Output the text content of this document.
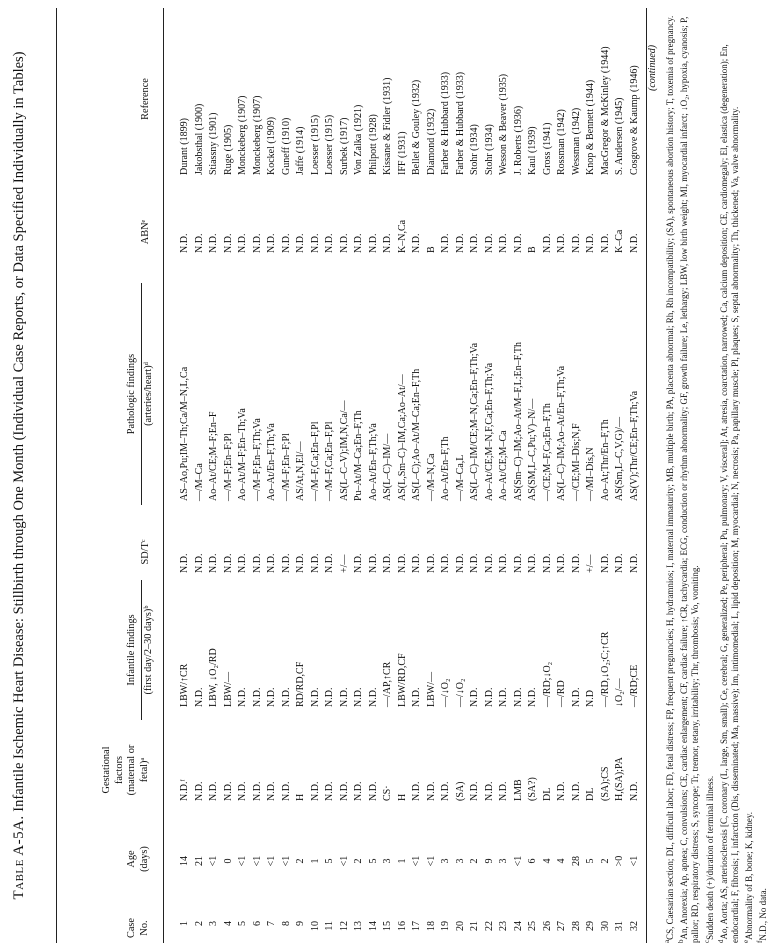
Table A-5A. Infantile Ischemic Heart Disease: Stillbirth through One Month (Individual Case Reports, or Data Specified Individually in Tables)
Case No.
Age (days)
Gestational factors (maternal or fetal)ᵃ
Infantile findings (first day/2–30 days)ᵇ
SD/Tᶜ
Pathologic findings (arteries/heart)ᵈ
ABNᵉ
Reference
1
14
N.D.ᶠ
LBW/↑CR
N.D.
AS–Ao,Pu;IM–Th;Ca/M–N,L,Ca
N.D.
Durant (1899)
2
21
N.D.
N.D.
N.D.
—/M–Ca
N.D.
Jakobsthal (1900)
3
<1
N.D.
LBW, ↓O₂/RD
N.D.
Ao–At/CE;M–F;En–F
N.D.
Stiassny (1901)
4
0
N.D.
LBW/—
N.D.
—/M–F;En–F;Pl
N.D.
Ruge (1905)
5
<1
N.D.
N.D.
N.D.
Ao–At/M–F;En–Th;Va
N.D.
Monckeberg (1907)
6
<1
N.D.
N.D.
N.D.
—/M–F;En–F,Th;Va
N.D.
Monckeberg (1907)
7
<1
N.D.
N.D.
N.D.
Ao–At/En–F,Th;Va
N.D.
Kockel (1909)
8
<1
N.D.
N.D.
N.D.
—/M–F;En–F;Pl
N.D.
Guneff (1910)
9
2
H
RD/RD,CF
N.D.
AS/At,N,El/—
N.D.
Jaffe (1914)
10
1
N.D.
N.D.
N.D.
—/M–F,Ca;En–F,Pl
N.D.
Loesser (1915)
11
5
N.D.
N.D.
N.D.
—/M–F,Ca;En–F,Pl
N.D.
Loesser (1915)
12
<1
N.D.
N.D.
+/—
AS(L–C–V);IM,N,Ca/—
N.D.
Surbek (1917)
13
2
N.D.
N.D.
N.D.
Pu–At/M–Ca;En–F,Th
N.D.
Von Zalka (1921)
14
5
N.D.
N.D.
N.D.
Ao–At/En–F,Th;Va
N.D.
Philpott (1928)
15
3
CS·
—/AP,↑CR
N.D.
AS(L–C)–IM/—
N.D.
Kissane & Fidler (1931)
16
1
H
LBW/RD,CF
N.D.
AS(L,Sm–C)–IM,Ca;Ao–At/—
K–N,Ca
IFF (1931)
17
<1
N.D.
N.D.
N.D.
AS(L–C);Ao–At/M–Ca;En–F,Th
N.D.
Bellet & Gouley (1932)
18
<1
N.D.
LBW/—
N.D.
—/M–N,Ca
B
Diamond (1932)
19
3
N.D.
—/↓O₂
N.D.
Ao–At/En–F,Th
N.D.
Farber & Hubbard (1933)
20
3
(SA)
—/↓O₂
N.D.
—/M–Ca,L
N.D.
Farber & Hubbard (1933)
21
2
N.D.
N.D.
N.D.
AS(L–C)–IM/CE;M–N,Ca;En–F,Th;Va
N.D.
Stohr (1934)
22
9
N.D.
N.D.
N.D.
Ao–At/CE;M–N,F,Ca;En–F,Th;Va
N.D.
Stohr (1934)
23
3
N.D.
N.D.
N.D.
Ao–At/CE;M–Ca
N.D.
Wesson & Beaver (1935)
24
<1
LMB
N.D.
N.D.
AS(Sm–C)–IM;Ao–At/M–F,L;En–F,Th
N.D.
J. Roberts (1936)
25
6
(SA?)
N.D.
N.D.
AS(SM,L–C,Pu;V)–N/—
B
Kaul (1939)
26
4
DL
—/RD;↓O₂
N.D.
—/CE;M–F,Ca;En–F,Th
N.D.
Gross (1941)
27
4
N.D.
—/RD
N.D.
AS(L–C)–IM;Ao–At/En–F,Th;Va
N.D.
Rossman (1942)
28
28
N.D.
N.D.
N.D.
—/CE;MI–Dis;N,F
N.D.
Wessman (1942)
29
5
DL
N.D
+/—
—/MI–Dis,N
N.D.
Knop & Bennett (1944)
30
2
(SA);CS
—/RD,↓O₂;C;↑CR
N.D.
Ao–At;Thr/En–F,Th
N.D.
MacGregor & McKinley (1944)
31
>0
H,(SA);PA
↓O₂/—
N.D.
AS(Sm,L–C,V,G)/—
K–Ca
S. Andersen (1945)
32
<1
N.D.
—/RD;CE
N.D.
AS(V);Thr/CE;En–F,Th;Va
N.D.
Cosgrove & Kaump (1946) (continued)

$^a$CS, Caesarian section; DL, difficult labor; FD, fetal distress; FP, frequent pregnancies; H, hydramnios; I, maternal immaturity; MB, multiple birth; PA, placenta abnormal; Rh, Rh incompatibility; (SA), spontaneous abortion history; T, toxemia of pregnancy.

$^b$An, Anorexia; Ap, apnea; C, convulsions; CE, cardiac enlargement; CF, cardiac failure; ↑CR, tachycardia; ECG, conduction or rhythm abnormality; GF, growth failure; Le, lethargy; LBW, low birth weight; MI, myocardial infarct; ↓O₂, hypoxia, cyanosis; P, pallor; RD, respiratory distress; S, syncope; Tr, tremor, tetany, irritability; Thr, thrombosis; Vo, vomiting. $^c$Sudden death (+)/duration of terminal illness.

$^d$Ao, Aorta; AS, arteriosclerosis [C, coronary (L, large, Sm, small); Ce, cerebral; G, generalized; Pe, peripheral; Pu, pulmonary; V, visceral]; At, atresia, coarctation, narrowed; Ca, calcium deposition; CE, cardiomegaly; El, elastica (degeneration); En, endocardial; F, fibrosis; I, infarction (Dis, disseminated; Ma, massive); Im, intimomedial; L, lipid deposition; M, myocardial; N, necrosis; Pa, papillary muscle; Pl, plaques; S, septal abnormality; Th, thickened; Va, valve abnormality. $^e$Abnormality of B, bone; K, kidney.

$^f$N.D., No data.
